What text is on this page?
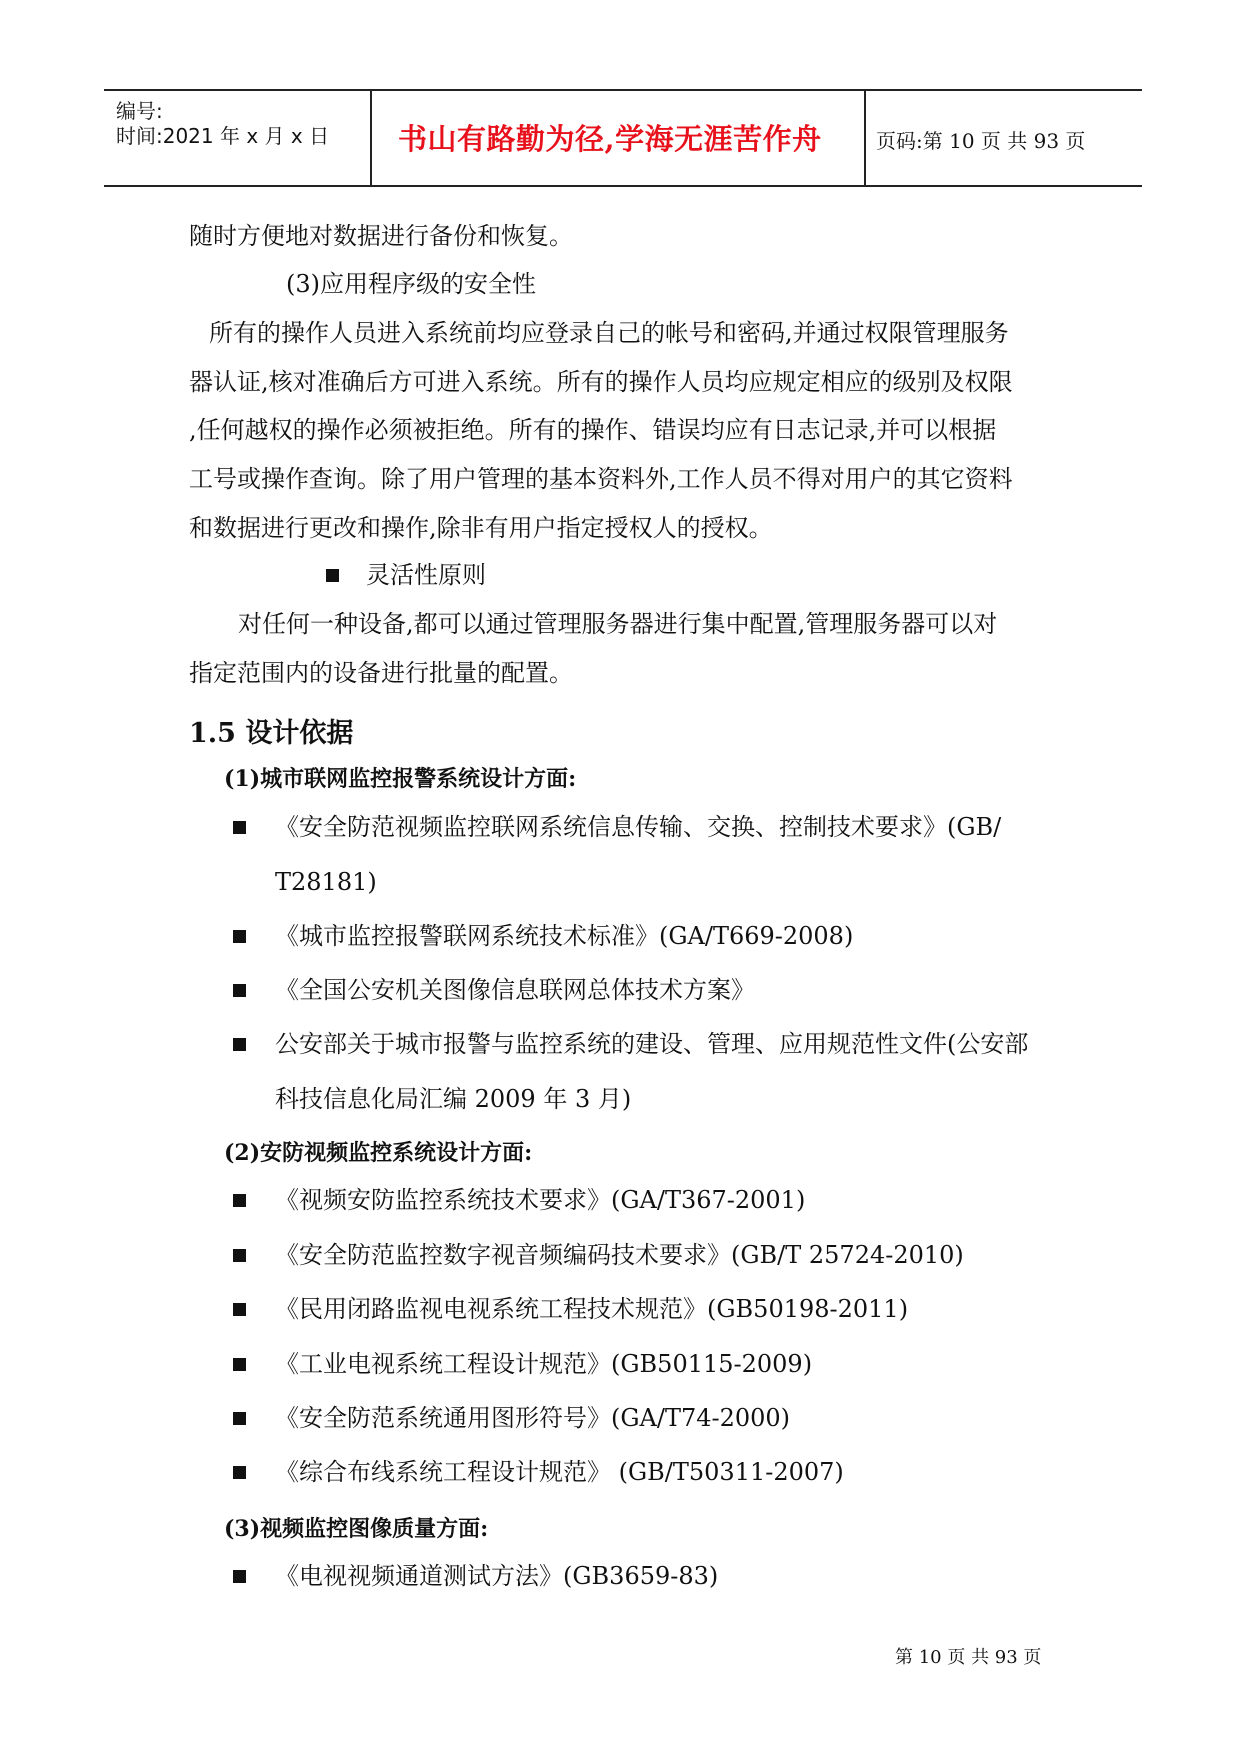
编号:
时间:2021 年 x 月 x 日 书山有路勤为径,学海无涯苦作舟	页码:第 10 页 共 93 页
随时方便地对数据进行备份和恢复。
(3)应用程序级的安全性
所有的操作人员进入系统前均应登录自己的帐号和密码,并通过权限管理服务
器认证,核对准确后方可进入系统。所有的操作人员均应规定相应的级别及权限
,任何越权的操作必须被拒绝。所有的操作、错误均应有日志记录,并可以根据
工号或操作查询。除了用户管理的基本资料外,工作人员不得对用户的其它资料
和数据进行更改和操作,除非有用户指定授权人的授权。
灵活性原则
对任何一种设备,都可以通过管理服务器进行集中配置,管理服务器可以对
指定范围内的设备进行批量的配置。
1.5 设计依据
(1)城市联网监控报警系统设计方面:
《安全防范视频监控联网系统信息传输、交换、控制技术要求》(GB/
T28181)
《城市监控报警联网系统技术标准》(GA/T669-2008)
《全国公安机关图像信息联网总体技术方案》
公安部关于城市报警与监控系统的建设、管理、应用规范性文件(公安部
科技信息化局汇编 2009 年 3 月)
(2)安防视频监控系统设计方面:
《视频安防监控系统技术要求》(GA/T367-2001)
《安全防范监控数字视音频编码技术要求》(GB/T 25724-2010)
《民用闭路监视电视系统工程技术规范》(GB50198-2011)
《工业电视系统工程设计规范》(GB50115-2009)
《安全防范系统通用图形符号》(GA/T74-2000)
《综合布线系统工程设计规范》 (GB/T50311-2007)
(3)视频监控图像质量方面:
《电视视频通道测试方法》(GB3659-83)
第 10 页 共 93 页
